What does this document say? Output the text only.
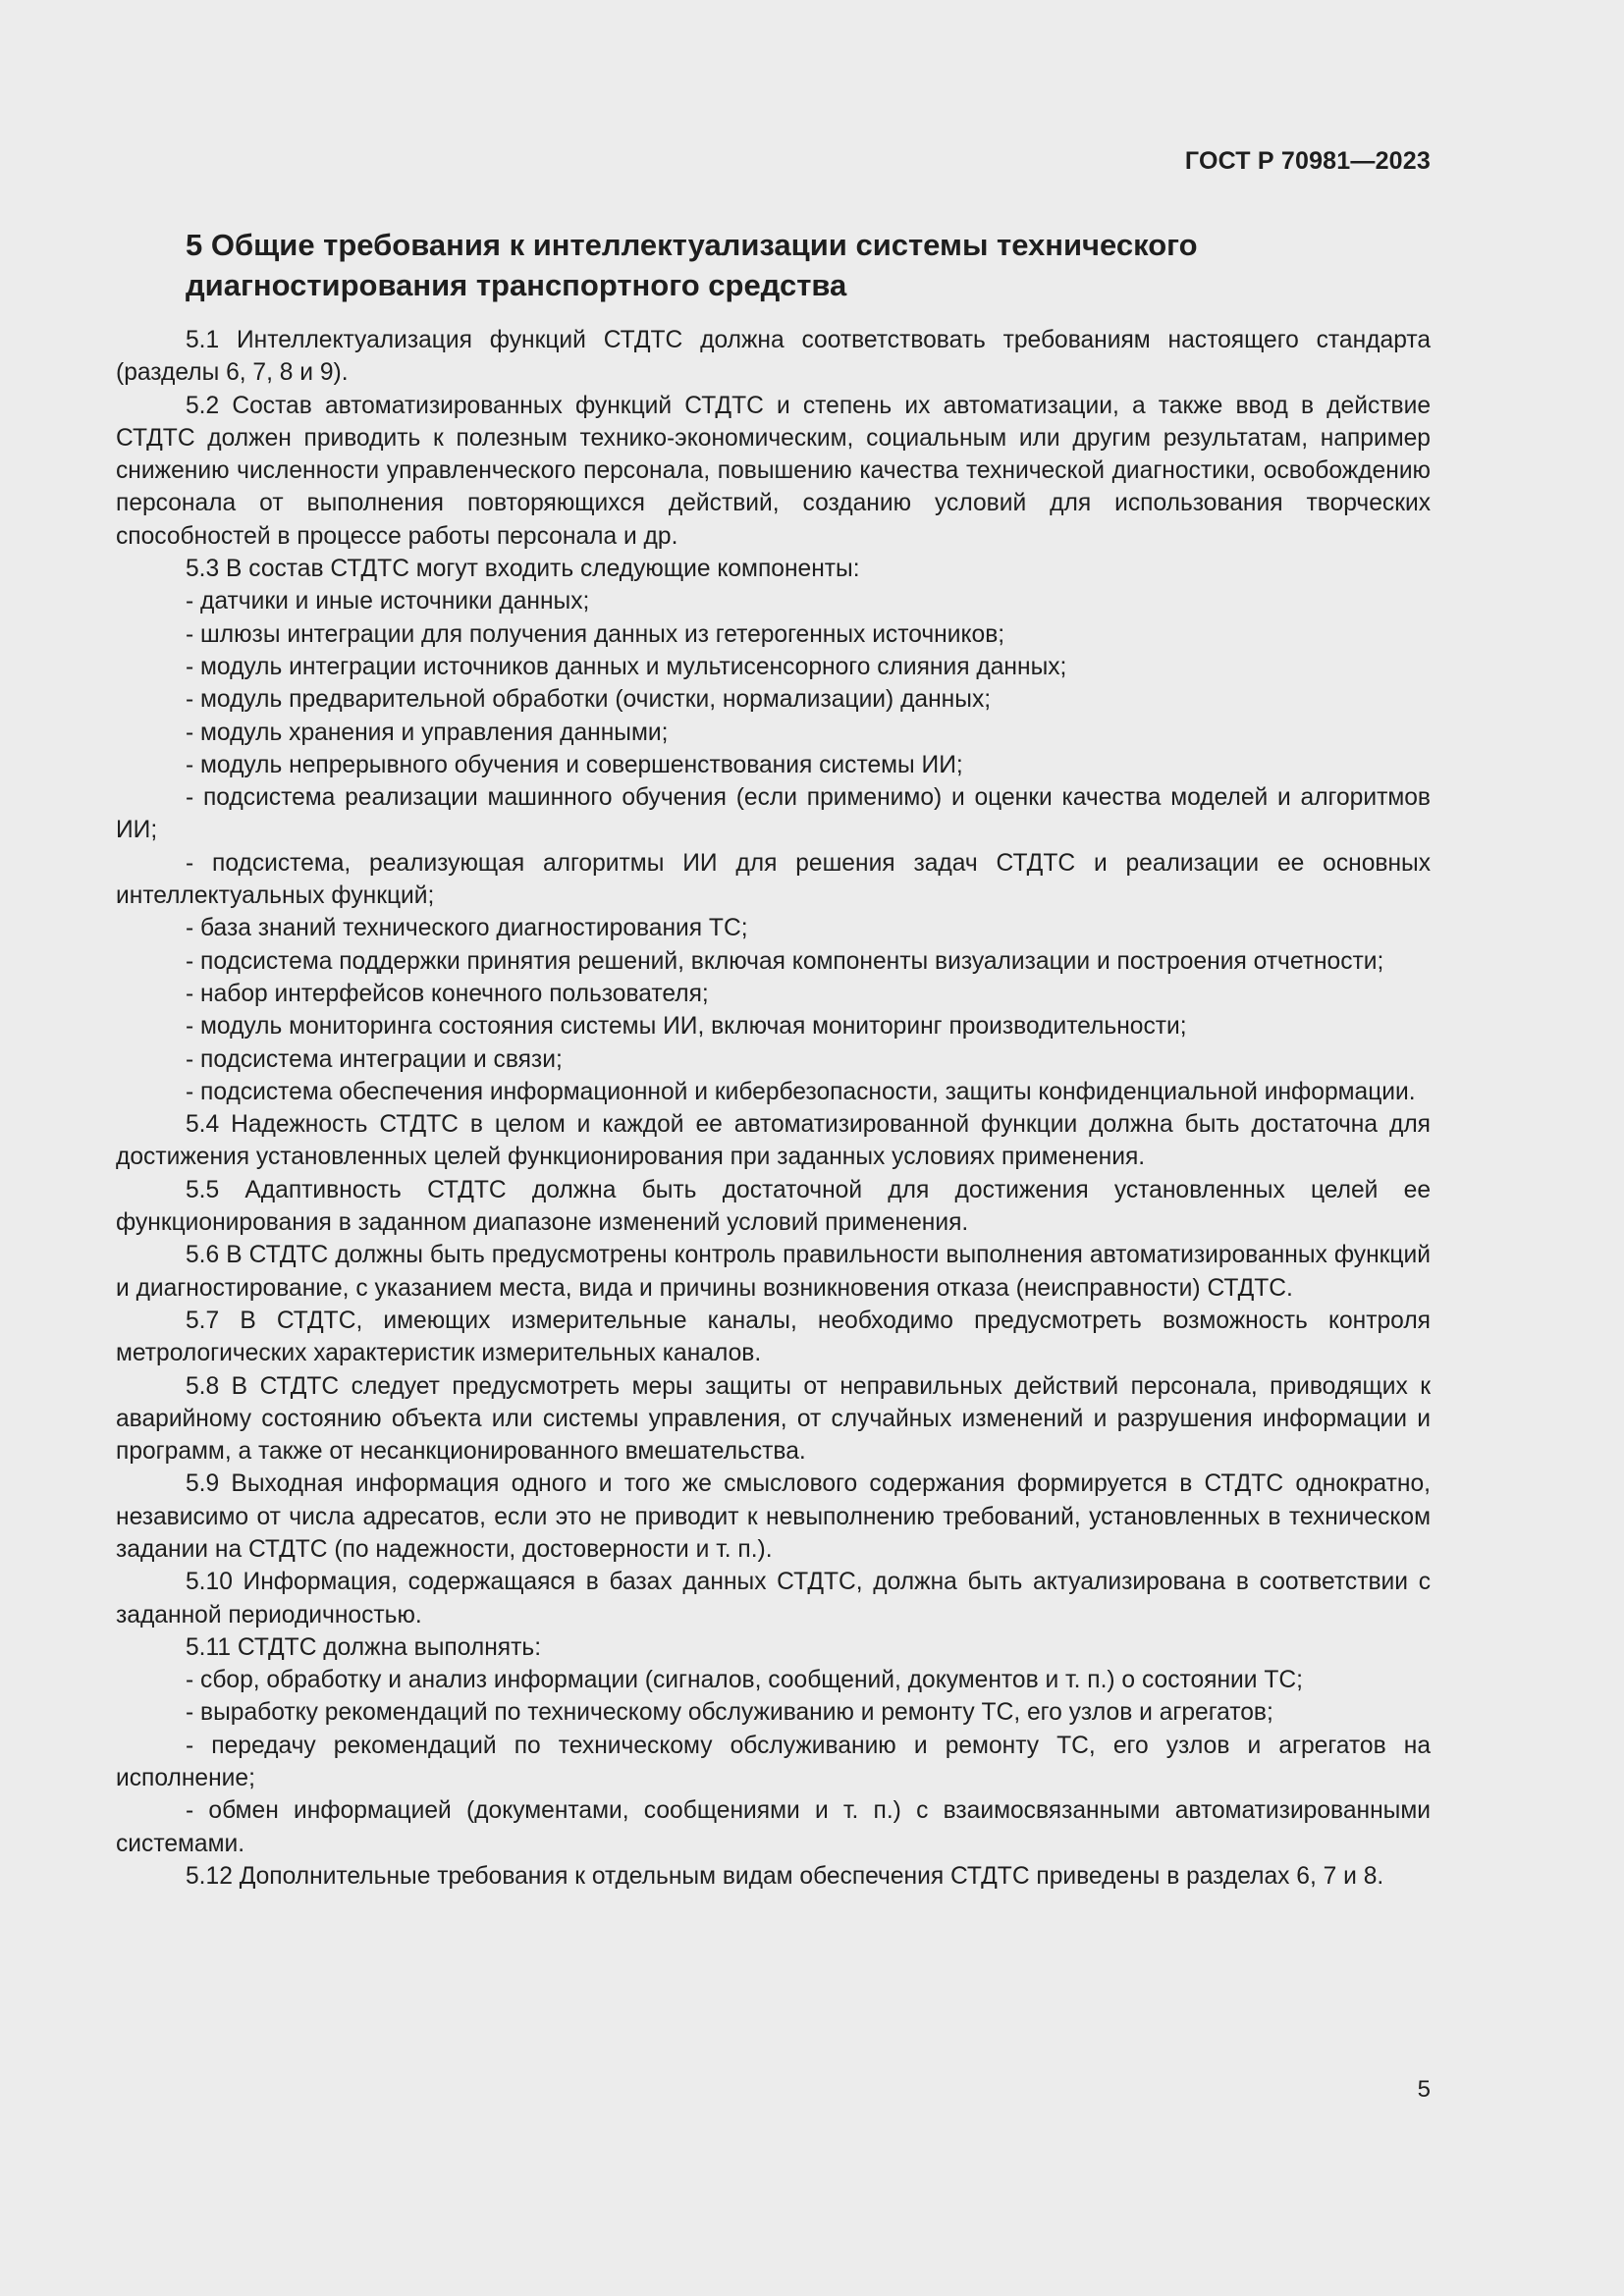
ГОСТ Р 70981—2023
5 Общие требования к интеллектуализации системы технического диагностирования транспортного средства

5.1 Интеллектуализация функций СТДТС должна соответствовать требованиям настоящего стандарта (разделы 6, 7, 8 и 9).

5.2 Состав автоматизированных функций СТДТС и степень их автоматизации, а также ввод в действие СТДТС должен приводить к полезным технико-экономическим, социальным или другим результатам, например снижению численности управленческого персонала, повышению качества технической диагностики, освобождению персонала от выполнения повторяющихся действий, созданию условий для использования творческих способностей в процессе работы персонала и др.

5.3 В состав СТДТС могут входить следующие компоненты:

- датчики и иные источники данных;

- шлюзы интеграции для получения данных из гетерогенных источников;

- модуль интеграции источников данных и мультисенсорного слияния данных;

- модуль предварительной обработки (очистки, нормализации) данных;

- модуль хранения и управления данными;

- модуль непрерывного обучения и совершенствования системы ИИ;

- подсистема реализации машинного обучения (если применимо) и оценки качества моделей и алгоритмов ИИ;

- подсистема, реализующая алгоритмы ИИ для решения задач СТДТС и реализации ее основных интеллектуальных функций;

- база знаний технического диагностирования ТС;

- подсистема поддержки принятия решений, включая компоненты визуализации и построения отчетности;

- набор интерфейсов конечного пользователя;

- модуль мониторинга состояния системы ИИ, включая мониторинг производительности;

- подсистема интеграции и связи;

- подсистема обеспечения информационной и кибербезопасности, защиты конфиденциальной информации.

5.4 Надежность СТДТС в целом и каждой ее автоматизированной функции должна быть достаточна для достижения установленных целей функционирования при заданных условиях применения.

5.5 Адаптивность СТДТС должна быть достаточной для достижения установленных целей ее функционирования в заданном диапазоне изменений условий применения.

5.6 В СТДТС должны быть предусмотрены контроль правильности выполнения автоматизированных функций и диагностирование, с указанием места, вида и причины возникновения отказа (неисправности) СТДТС.

5.7 В СТДТС, имеющих измерительные каналы, необходимо предусмотреть возможность контроля метрологических характеристик измерительных каналов.

5.8 В СТДТС следует предусмотреть меры защиты от неправильных действий персонала, приводящих к аварийному состоянию объекта или системы управления, от случайных изменений и разрушения информации и программ, а также от несанкционированного вмешательства.

5.9 Выходная информация одного и того же смыслового содержания формируется в СТДТС однократно, независимо от числа адресатов, если это не приводит к невыполнению требований, установленных в техническом задании на СТДТС (по надежности, достоверности и т. п.).

5.10 Информация, содержащаяся в базах данных СТДТС, должна быть актуализирована в соответствии с заданной периодичностью.

5.11 СТДТС должна выполнять:

- сбор, обработку и анализ информации (сигналов, сообщений, документов и т. п.) о состоянии ТС;

- выработку рекомендаций по техническому обслуживанию и ремонту ТС, его узлов и агрегатов;

- передачу рекомендаций по техническому обслуживанию и ремонту ТС, его узлов и агрегатов на исполнение;

- обмен информацией (документами, сообщениями и т. п.) с взаимосвязанными автоматизированными системами.

5.12 Дополнительные требования к отдельным видам обеспечения СТДТС приведены в разделах 6, 7 и 8.

5
